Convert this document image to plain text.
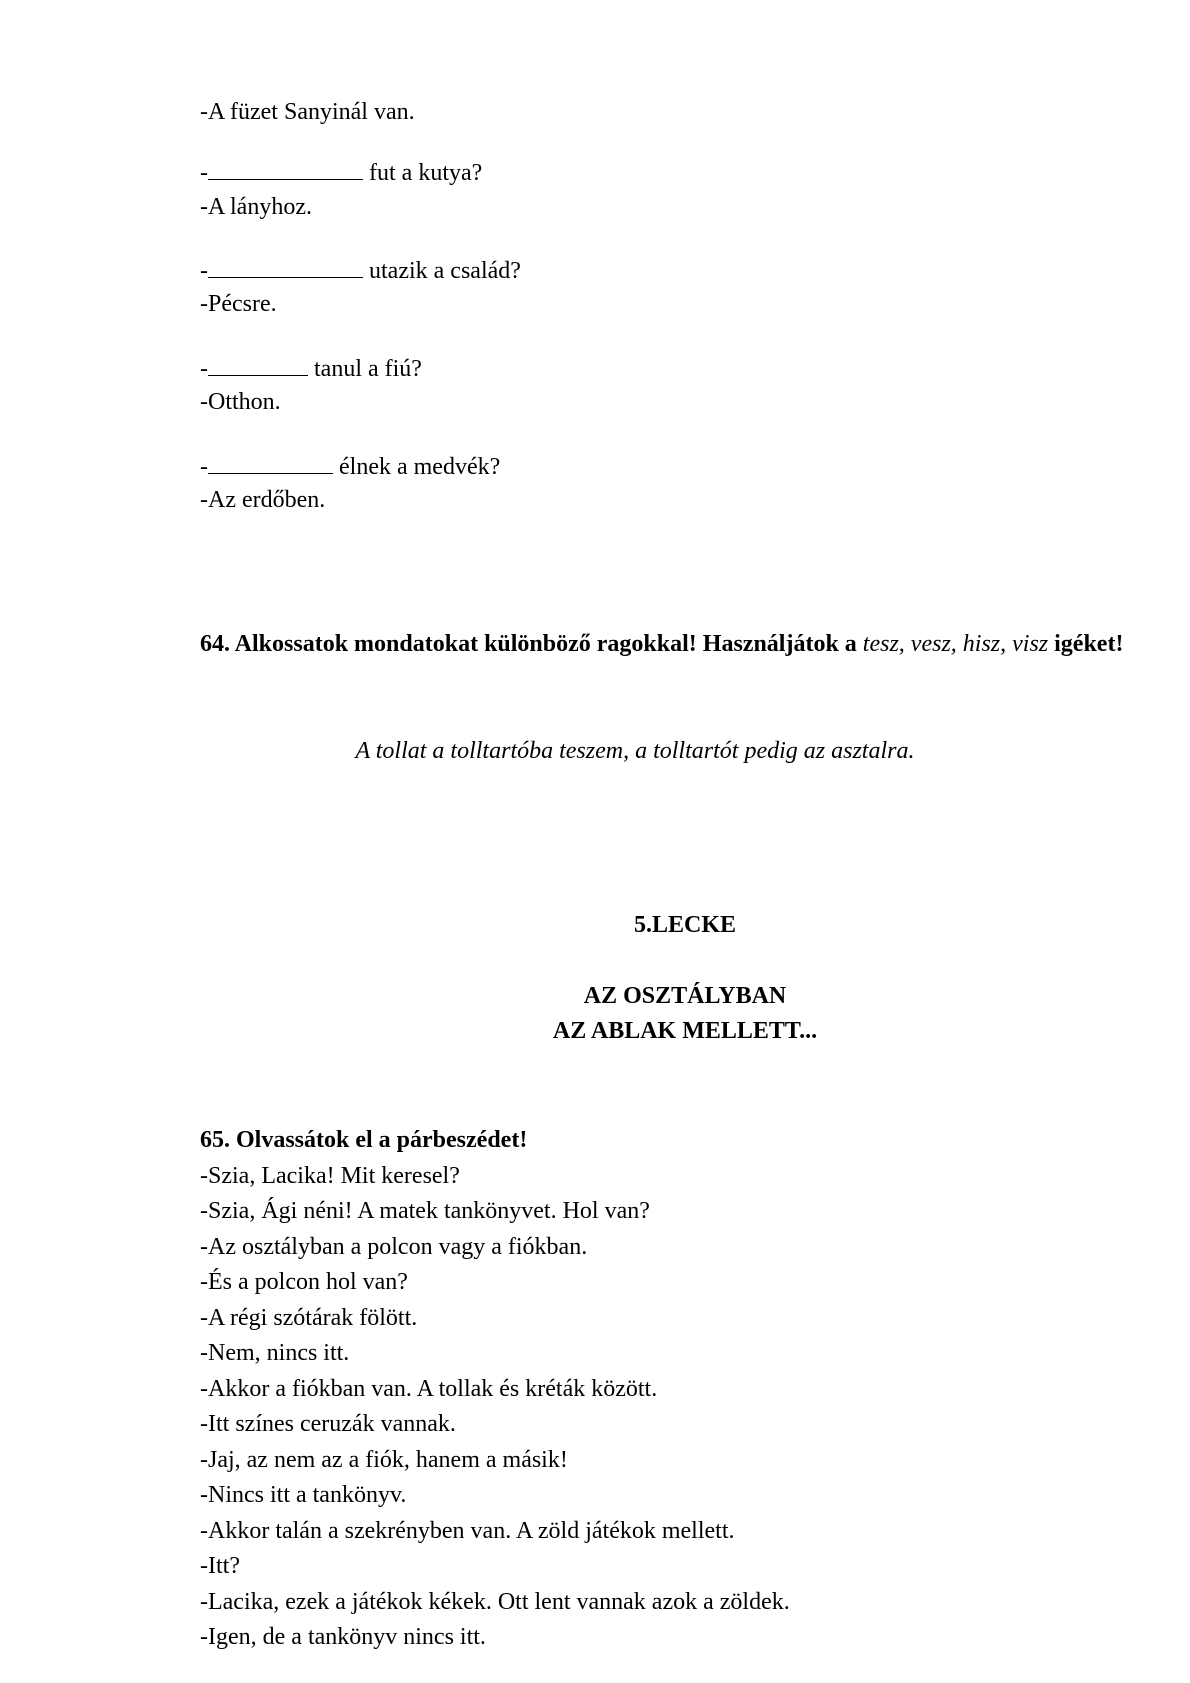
-A füzet Sanyinál van.
-	fut a kutya?
-A lányhoz.
-	utazik a család?
-Pécsre.
-	tanul a fiú?
-Otthon.
-	élnek a medvék?
-Az erdőben.
64. Alkossatok mondatokat különböző ragokkal! Használjátok a tesz, vesz, hisz, visz igéket!
A tollat a tolltartóba teszem, a tolltartót pedig az asztalra.
5.LECKE
AZ OSZTÁLYBAN
AZ ABLAK MELLETT...
65. Olvassátok el a párbeszédet!
-Szia, Lacika! Mit keresel?
-Szia, Ági néni! A matek tankönyvet. Hol van?
-Az osztályban a polcon vagy a fiókban.
-És a polcon hol van?
-A régi szótárak fölött.
-Nem, nincs itt.
-Akkor a fiókban van. A tollak és kréták között.
-Itt színes ceruzák vannak.
-Jaj, az nem az a fiók, hanem a másik!
-Nincs itt a tankönyv.
-Akkor talán a szekrényben van. A zöld játékok mellett.
-Itt?
-Lacika, ezek a játékok kékek. Ott lent vannak azok a zöldek.
-Igen, de a tankönyv nincs itt.
